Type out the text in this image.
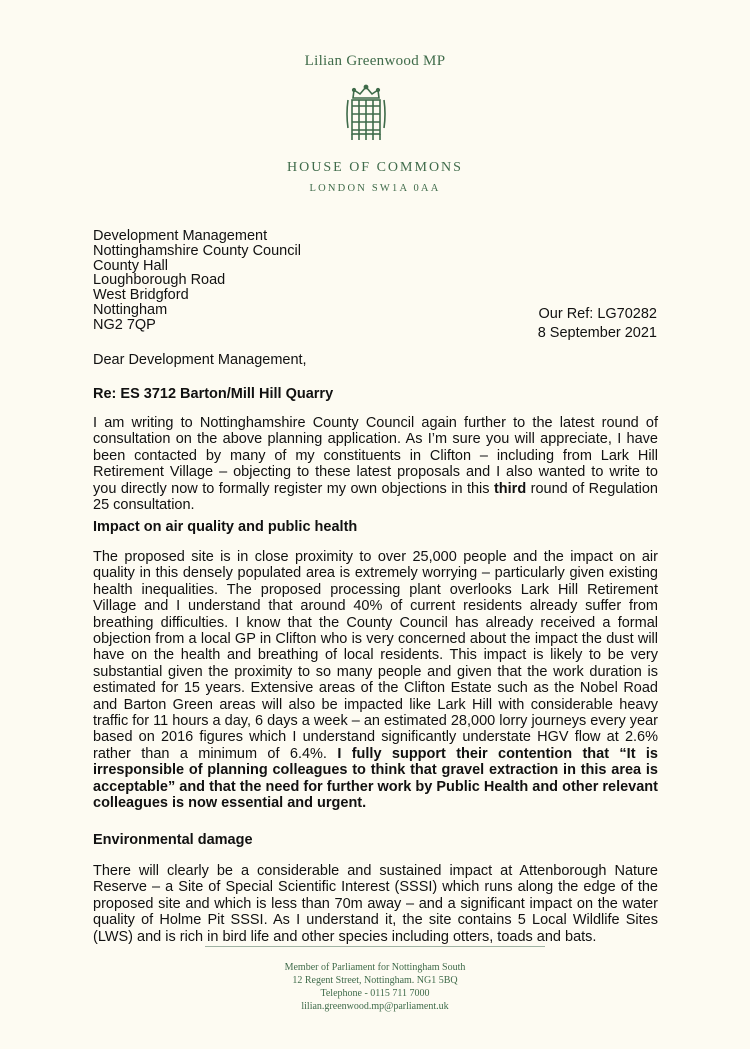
Lilian Greenwood MP
HOUSE OF COMMONS
LONDON SW1A 0AA
Development Management
Nottinghamshire County Council
County Hall
Loughborough Road
West Bridgford
Nottingham
NG2 7QP
Our Ref: LG70282
8 September 2021
Dear Development Management,
Re: ES 3712 Barton/Mill Hill Quarry
I am writing to Nottinghamshire County Council again further to the latest round of consultation on the above planning application. As I’m sure you will appreciate, I have been contacted by many of my constituents in Clifton – including from Lark Hill Retirement Village – objecting to these latest proposals and I also wanted to write to you directly now to formally register my own objections in this third round of Regulation 25 consultation.
Impact on air quality and public health
The proposed site is in close proximity to over 25,000 people and the impact on air quality in this densely populated area is extremely worrying – particularly given existing health inequalities. The proposed processing plant overlooks Lark Hill Retirement Village and I understand that around 40% of current residents already suffer from breathing difficulties. I know that the County Council has already received a formal objection from a local GP in Clifton who is very concerned about the impact the dust will have on the health and breathing of local residents. This impact is likely to be very substantial given the proximity to so many people and given that the work duration is estimated for 15 years. Extensive areas of the Clifton Estate such as the Nobel Road and Barton Green areas will also be impacted like Lark Hill with considerable heavy traffic for 11 hours a day, 6 days a week – an estimated 28,000 lorry journeys every year based on 2016 figures which I understand significantly understate HGV flow at 2.6% rather than a minimum of 6.4%. I fully support their contention that “It is irresponsible of planning colleagues to think that gravel extraction in this area is acceptable” and that the need for further work by Public Health and other relevant colleagues is now essential and urgent.
Environmental damage
There will clearly be a considerable and sustained impact at Attenborough Nature Reserve – a Site of Special Scientific Interest (SSSI) which runs along the edge of the proposed site and which is less than 70m away – and a significant impact on the water quality of Holme Pit SSSI. As I understand it, the site contains 5 Local Wildlife Sites (LWS) and is rich in bird life and other species including otters, toads and bats.
Member of Parliament for Nottingham South
12 Regent Street, Nottingham. NG1 5BQ
Telephone - 0115 711 7000
lilian.greenwood.mp@parliament.uk
